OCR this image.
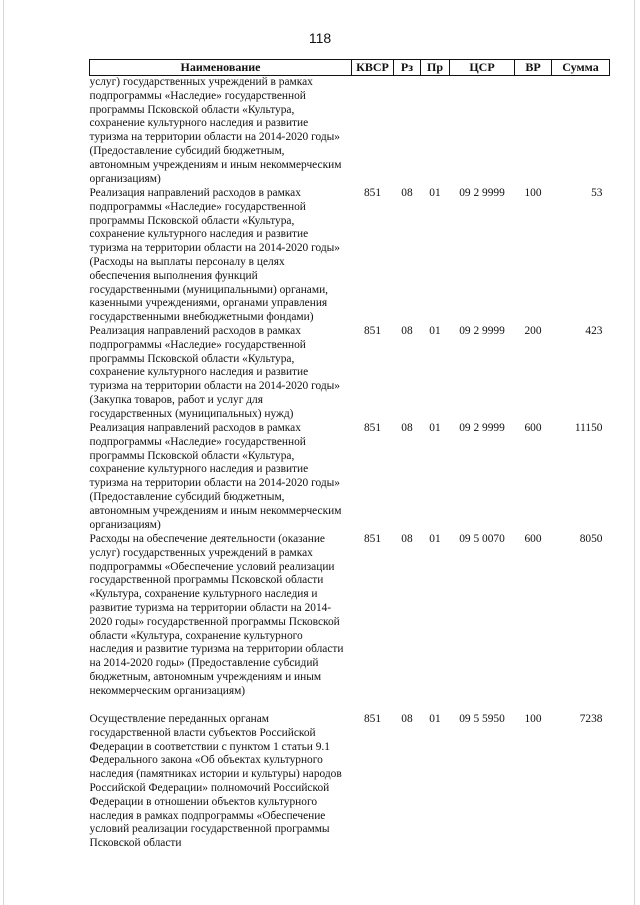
118
Наименование	КВСР	Рз	Пр	ЦСР	ВР	Сумма
услуг) государственных учреждений в рамках подпрограммы «Наследие» государственной программы Псковской области «Культура, сохранение культурного наследия и развитие туризма на территории области на 2014-2020 годы» (Предоставление субсидий бюджетным, автономным учреждениям и иным некоммерческим организациям)						
Реализация направлений расходов в рамках подпрограммы «Наследие» государственной программы Псковской области «Культура, сохранение культурного наследия и развитие туризма на территории области на 2014-2020 годы» (Расходы на выплаты персоналу в целях обеспечения выполнения функций государственными (муниципальными) органами, казенными учреждениями, органами управления государственными внебюджетными фондами)	851	08	01	09 2 9999	100	53
Реализация направлений расходов в рамках подпрограммы «Наследие» государственной программы Псковской области «Культура, сохранение культурного наследия и развитие туризма на территории области на 2014-2020 годы» (Закупка товаров, работ и услуг для государственных (муниципальных) нужд)	851	08	01	09 2 9999	200	423
Реализация направлений расходов в рамках подпрограммы «Наследие» государственной программы Псковской области «Культура, сохранение культурного наследия и развитие туризма на территории области на 2014-2020 годы» (Предоставление субсидий бюджетным, автономным учреждениям и иным некоммерческим организациям)	851	08	01	09 2 9999	600	11150
Расходы на обеспечение деятельности (оказание услуг) государственных учреждений в рамках подпрограммы «Обеспечение условий реализации государственной программы Псковской области «Культура, сохранение культурного наследия и развитие туризма на территории области на 2014-2020 годы» государственной программы Псковской области «Культура, сохранение культурного наследия и развитие туризма на территории области на 2014-2020 годы» (Предоставление субсидий бюджетным, автономным учреждениям и иным некоммерческим организациям)	851	08	01	09 5 0070	600	8050
Осуществление переданных органам государственной власти субъектов Российской Федерации в соответствии с пунктом 1 статьи 9.1 Федерального закона «Об объектах культурного наследия (памятниках истории и культуры) народов Российской Федерации» полномочий Российской Федерации в отношении объектов культурного наследия в рамках подпрограммы «Обеспечение условий реализации государственной программы Псковской области	851	08	01	09 5 5950	100	7238
